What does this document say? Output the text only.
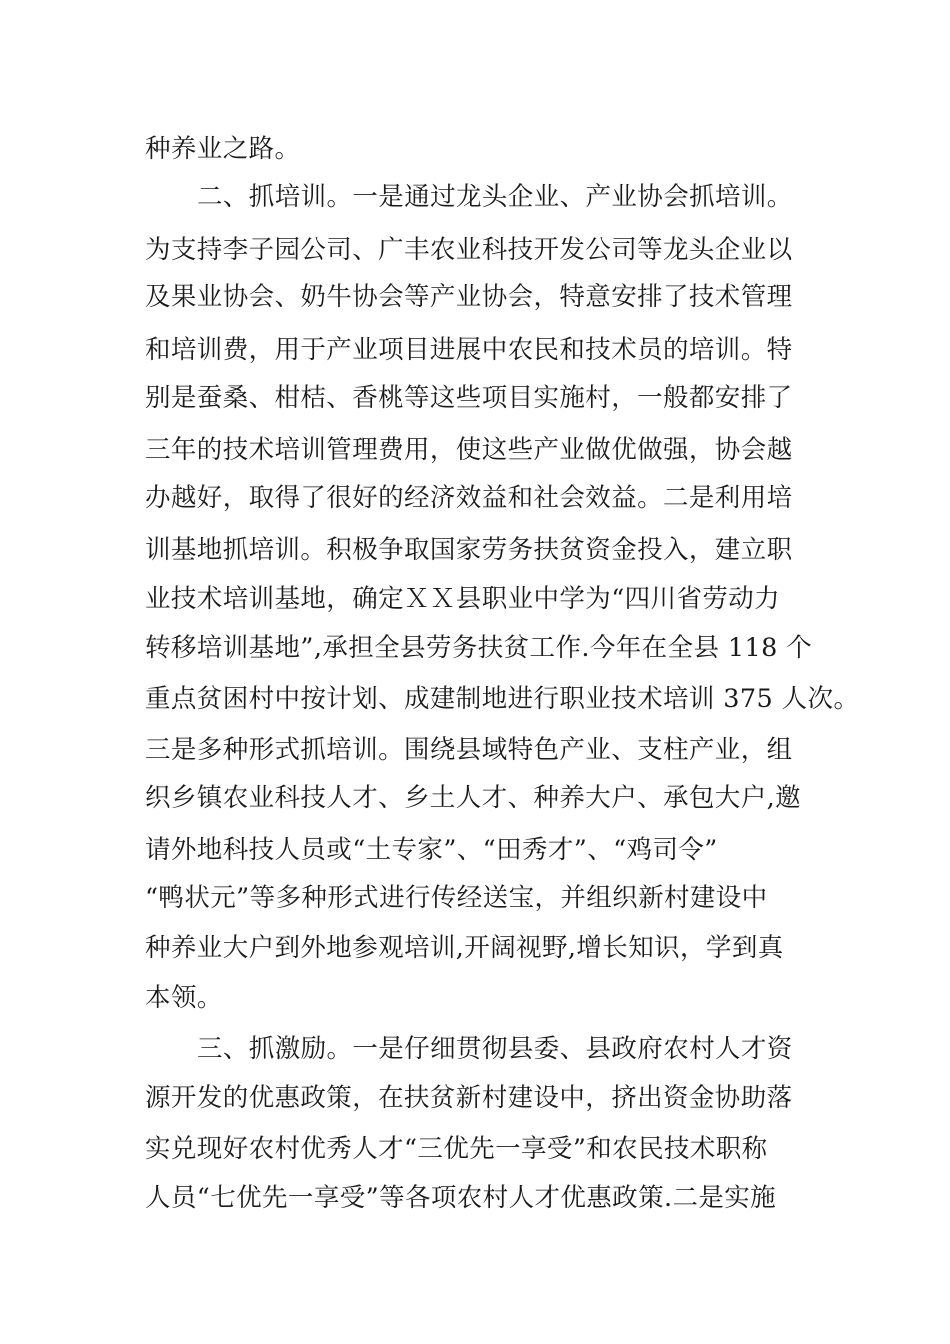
种养业之路。
二、抓培训。一是通过龙头企业、产业协会抓培训。
为支持李子园公司、广丰农业科技开发公司等龙头企业以
及果业协会、奶牛协会等产业协会，特意安排了技术管理
和培训费，用于产业项目进展中农民和技术员的培训。特
别是蚕桑、柑桔、香桃等这些项目实施村，一般都安排了
三年的技术培训管理费用，使这些产业做优做强，协会越
办越好，取得了很好的经济效益和社会效益。二是利用培
训基地抓培训。积极争取国家劳务扶贫资金投入，建立职
业技术培训基地，确定ＸＸ县职业中学为“四川省劳动力
转移培训基地”,承担全县劳务扶贫工作.今年在全县 118 个
重点贫困村中按计划、成建制地进行职业技术培训 375 人次。
三是多种形式抓培训。围绕县域特色产业、支柱产业，组
织乡镇农业科技人才、乡土人才、种养大户、承包大户,邀
请外地科技人员或“土专家”、“田秀才”、“鸡司令”
“鸭状元”等多种形式进行传经送宝，并组织新村建设中
种养业大户到外地参观培训,开阔视野,增长知识，学到真
本领。
三、抓激励。一是仔细贯彻县委、县政府农村人才资
源开发的优惠政策，在扶贫新村建设中，挤出资金协助落
实兑现好农村优秀人才“三优先一享受”和农民技术职称
人员“七优先一享受”等各项农村人才优惠政策.二是实施
